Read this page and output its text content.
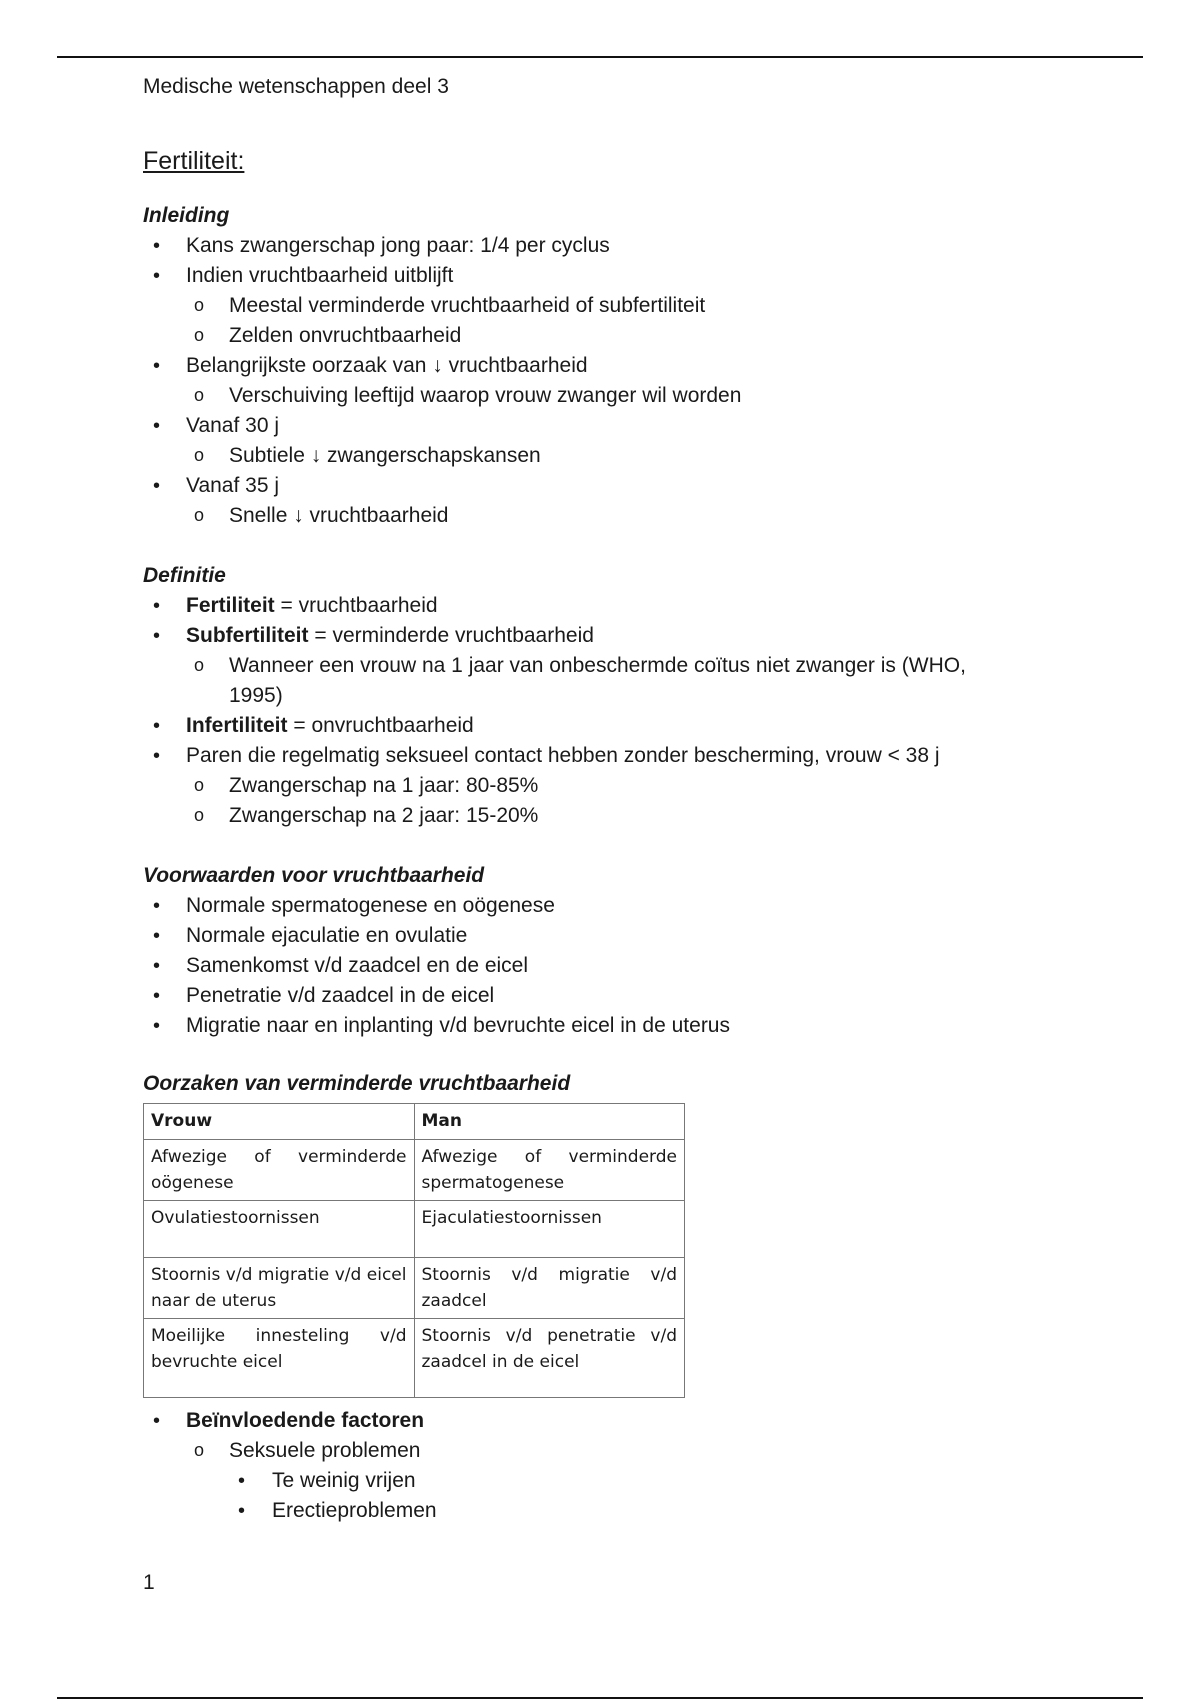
Medische wetenschappen deel 3

Fertiliteit:

Inleiding

• Kans zwangerschap jong paar: 1/4 per cyclus
• Indien vruchtbaarheid uitblijft
o Meestal verminderde vruchtbaarheid of subfertiliteit
o Zelden onvruchtbaarheid
• Belangrijkste oorzaak van ↓ vruchtbaarheid
o Verschuiving leeftijd waarop vrouw zwanger wil worden
• Vanaf 30 j
o Subtiele ↓ zwangerschapskansen
• Vanaf 35 j
o Snelle ↓ vruchtbaarheid

Definitie

• Fertiliteit = vruchtbaarheid
• Subfertiliteit = verminderde vruchtbaarheid
o Wanneer een vrouw na 1 jaar van onbeschermde coïtus niet zwanger is (WHO,
1995)
• Infertiliteit = onvruchtbaarheid
• Paren die regelmatig seksueel contact hebben zonder bescherming, vrouw < 38 j
o Zwangerschap na 1 jaar: 80-85%
o Zwangerschap na 2 jaar: 15-20%

Voorwaarden voor vruchtbaarheid

• Normale spermatogenese en oögenese
• Normale ejaculatie en ovulatie
• Samenkomst v/d zaadcel en de eicel
• Penetratie v/d zaadcel in de eicel
• Migratie naar en inplanting v/d bevruchte eicel in de uterus

Oorzaken van verminderde vruchtbaarheid

Vrouw	Man
Afwezige of verminderde oögenese	Afwezige of verminderde spermatogenese
Ovulatiestoornissen	Ejaculatiestoornissen
Stoornis v/d migratie v/d eicel naar de uterus	Stoornis v/d migratie v/d zaadcel
Moeilijke innesteling v/d bevruchte eicel	Stoornis v/d penetratie v/d zaadcel in de eicel
• Beïnvloedende factoren
o Seksuele problemen
• Te weinig vrijen
• Erectieproblemen
1
